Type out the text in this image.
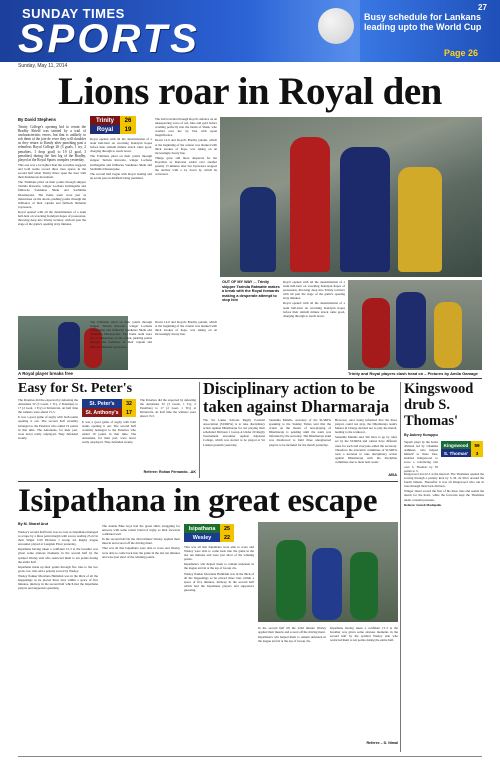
SUNDAY TIMES
SPORTS
27
Busy schedule for Lankans leading upto the World Cup
Page 26
Sunday, May 11, 2014
Lions roar in Royal den
By David Stephens	Trinity	26
Royal	19

Trinity College's opening bid to retain the Bradby Shield was tainted by a trail of uncharacteristic errors, but that is unlikely to rob them of the joie de vivre they will shoulder as they return to Kandy after punching past a relentless Royal College 26 (3 goals, 1 try, 2 penalties, 1 drop goal) to 19 (2 goal, 3 penalties) during the first leg of the Bradby, played at the Royal Sports complex yesterday.

This one was a lot tighter than the scoreline suggests and both teams scored three tries apiece in the second half when Trinity threw open the door with their thunderous movement.

The Trinitians piled on their points through skipper Tarinda Ratwatte, winger Lochana Girihagama and fullbacks Sandunaa Sheik and Sachintha Dissanayake. The home team were just as industrious on the attack, pushing points through the brilliance of their captain and fullback Nimalan Jayaweera.

Royal opened with all the determination of a team hell-bent on wrecking Kandyan hopes of possession, throwing deep into Trinity territory with nil past the stage of the game's opening sixty minutes.

Royal opened with all the determination of a team hell-bent on wrecking Kandyan hopes before their sixtieth minute attack came good, charging through to touch down.

The Trinitians piled on their points through skipper Tarinda Ratwatte, winger Lochana Girihagama and fullbacks Sandunaa Sheik and Sachintha Dissanayake.

The second half began with Royal leading and an errant pass in midfield being punished.

The ball travelled through Royal's defence on an unsuspecting wave of red, blue and gold before crashing perfectly into the hands of Sheik, who crashed over the try line with equal magnificence.

Down 14-0 and Royal's Bradby pursuit, which at the beginning of the contest was marked with thick strokes of hope, was taking on an increasingly dreary hue.

Things grew still more desperate for the Royalists as Ratwatte added over another penalty 13 minutes later but Jayaweera stopped the decline with a try down by which he converted.

A Royal player breaks free

The Trinitians piled on their points through skipper Tarinda Ratwatte, winger Lochana Girihagama and fullbacks Sandunaa Sheik and Sachintha Dissanayake. The home team were just as industrious on the attack, pushing points through the brilliance of their captain and fullback Nimalan Jayaweera.

Down 14-0 and Royal's Bradby pursuit, which at the beginning of the contest was marked with thick strokes of hope, was taking on an increasingly dreary hue.

OUT OF MY WAY ... Trinity skipper Tarinda Ratwatte makes a break with the Royal forwards making a desperate attempt to stop him

Royal opened with all the determination of a team hell-bent on wrecking Kandyan hopes of possession, throwing deep into Trinity territory with nil past the stage of the game's opening sixty minutes.

Royal opened with all the determination of a team hell-bent on wrecking Kandyan hopes before their sixtieth minute attack came good, charging through to touch down.

Trinity and Royal players clash head on – Pictures by Amila Gamage
Easy for St. Peter's

The Peterites did the expected by defeating the Antonians 32 (3 Goals, 1 Try, 2 Penalties) to 17 (2 Goal, 1 Try) at Kittenvale. At half time the winners were ahead 15-5.

It was a good game of rugby with both teams opening it out. The second half certainly belonged to the Peterites who added 19 points in that time. The Antonians, for their part, were never really outplayed. They defended stoutly.

St. Peter's	32
St. Anthony's	17

It was a good game of rugby with both teams opening it out. The second half certainly belonged to the Peterites who added 19 points in that time. The Antonians, for their part, were never really outplayed. They defended stoutly.

The Peterites did the expected by defeating the Antonians 32 (3 Goals, 1 Try, 2 Penalties) to 17 (2 Goal, 1 Try) at Kittenvale. At half time the winners were ahead 15-5.

Referee: Rohan Fernando. -AK
Disciplinary action to be taken against Dharmaraja

The Sri Lanka Schools Rugby Football Association (SLSRFA) is to take disciplinary action against Dharmaraja for not playing their scheduled Division 1 Group A Under 20 Rugby Tournament encounter against Isipatana College, which was slotted to be played at Sri Lankan grounds yesterday.

Sanantha Mendis, secretary of the SLSRFA speaking to the Sunday Times said that the action on the matter of non-playing of Dharmaraja is pending until the team was informed by the secretary. The Dharmaraja team was disallowed to field three unregistered players to be included for the match yesterday.

However, once being informed that the three players could not play, the Dharmaraja team's Master in Charge decided not to play the match, leading to the walkover.

Sanantha Mendis said 'We have to go by rules set by the SLSRFA and cannot have different rules for each and everyone added the secretary. Therefore the executive committee of SLSRFA took a decision to take disciplinary action against Dharmaraja with the discipline committee due to meet next week.'

-MSA
Kingswood drub S. Thomas'
By Aubrey Kuruppu

Superb plays by the backs division led by Chamika Adhikari, who helped himself to three tries, enabled Kingswood to score a convincing win over S. Thomas' by 59 points to 3.

Kingswood	59
S. Thomas'	3

Kingswood led 22-3 at the interval. The Thomians opened the scoring through a penalty kick by S. M. de Silva around the fourth minute. Thereafter it was all Kingswood who ran in tries through their back division.

Winger Jaleel scored the first of his three tries and sealed the match for the hosts, while the forwards kept the Thomians under constant pressure.

Referee: Suresh Madugalle.

Isipathana in great escape
By M. Sharaf Arut

Wesley's second half burst was too late as Isipathana managed to scrape by a three point margin with scores reading 25-22 in their Singer U20 Division I Group 2A Rugby league encounter played at Longden Place yesterday.

Isipathana having taken a confident 15-3 at the breather was given some anxious moments in the second half by the spirited Wesley side who restricted them to ten points during the entire half.

Isipathana made up their points through five tries to the two goals, two tries and a penalty scored by Wesley.

Wesley flanker Mowlana Hamidun was in the thick of all the happenings as he placed three tries within a space of five minutes, midway in the second half which had the Isipathana players and supporters guessing.

The double Blue boys had the green shirts struggling for answers with some robust brand of rugby as their forwards combined well.

In the second half till the 22nd minute Wesley applied their muscle and scored off the driving maul.

That was all that Isipathana were able to score and Wesley were able to come back into the game in the last ten minutes and were just short of the winning points.

Isipathana	25
Wesley	22

That was all that Isipathana were able to score and Wesley were able to come back into the game in the last ten minutes and were just short of the winning points.

Isipathana's win helped them to remain unbeaten in the league and sit at the top of Group 2A.

Wesley flanker Mowlana Hamidun was in the thick of all the happenings as he placed three tries within a space of five minutes, midway in the second half which had the Isipathana players and supporters guessing.

In the second half till the 22nd minute Wesley applied their muscle and scored off the driving maul.

Isipathana's win helped them to remain unbeaten in the league and sit at the top of Group 2A.

Isipathana having taken a confident 15-3 at the breather was given some anxious moments in the second half by the spirited Wesley side who restricted them to ten points during the entire half.

Referee – D. Nimal
